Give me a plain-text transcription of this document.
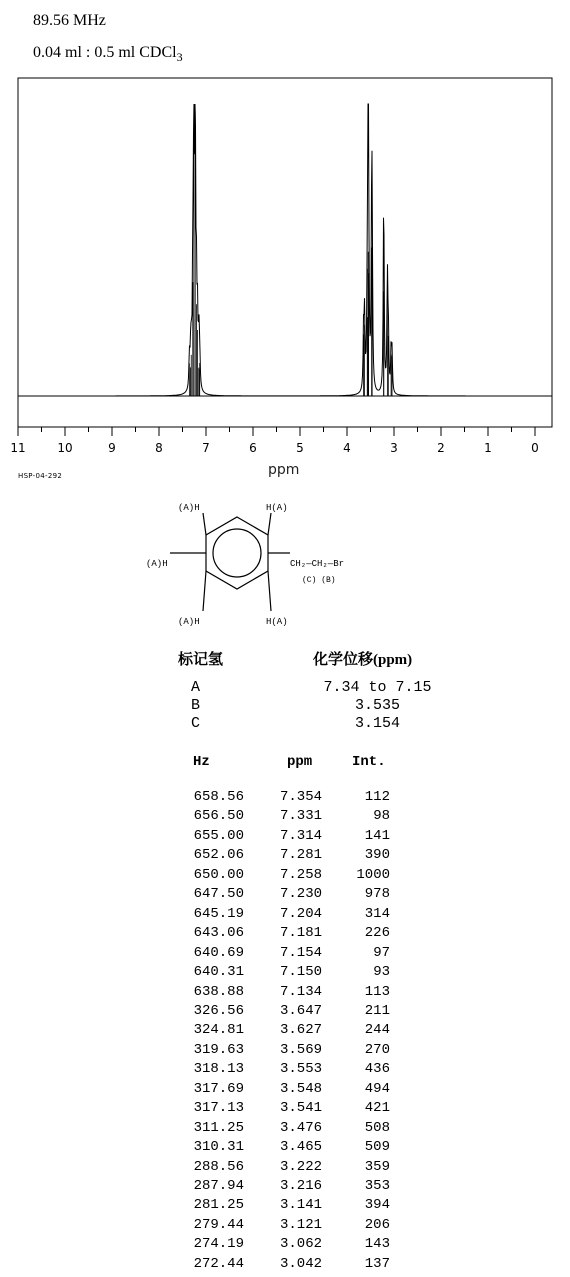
89.56 MHz
0.04 ml : 0.5 ml CDCl$_3$
11	10	9	8	7	6	5	4	3	2	1	0
ppm
HSP-04-292
(A)H	H(A)
(A)H
(A)H	H(A)
CH₂—CH₂—Br
(C) (B)
标记氢	化学位移(ppm)
A	7.34 to 7.15
B	3.535
C	3.154
Hz	ppm	Int.
658.56	7.354	112
656.50	7.331	98
655.00	7.314	141
652.06	7.281	390
650.00	7.258	1000
647.50	7.230	978
645.19	7.204	314
643.06	7.181	226
640.69	7.154	97
640.31	7.150	93
638.88	7.134	113
326.56	3.647	211
324.81	3.627	244
319.63	3.569	270
318.13	3.553	436
317.69	3.548	494
317.13	3.541	421
311.25	3.476	508
310.31	3.465	509
288.56	3.222	359
287.94	3.216	353
281.25	3.141	394
279.44	3.121	206
274.19	3.062	143
272.44	3.042	137
